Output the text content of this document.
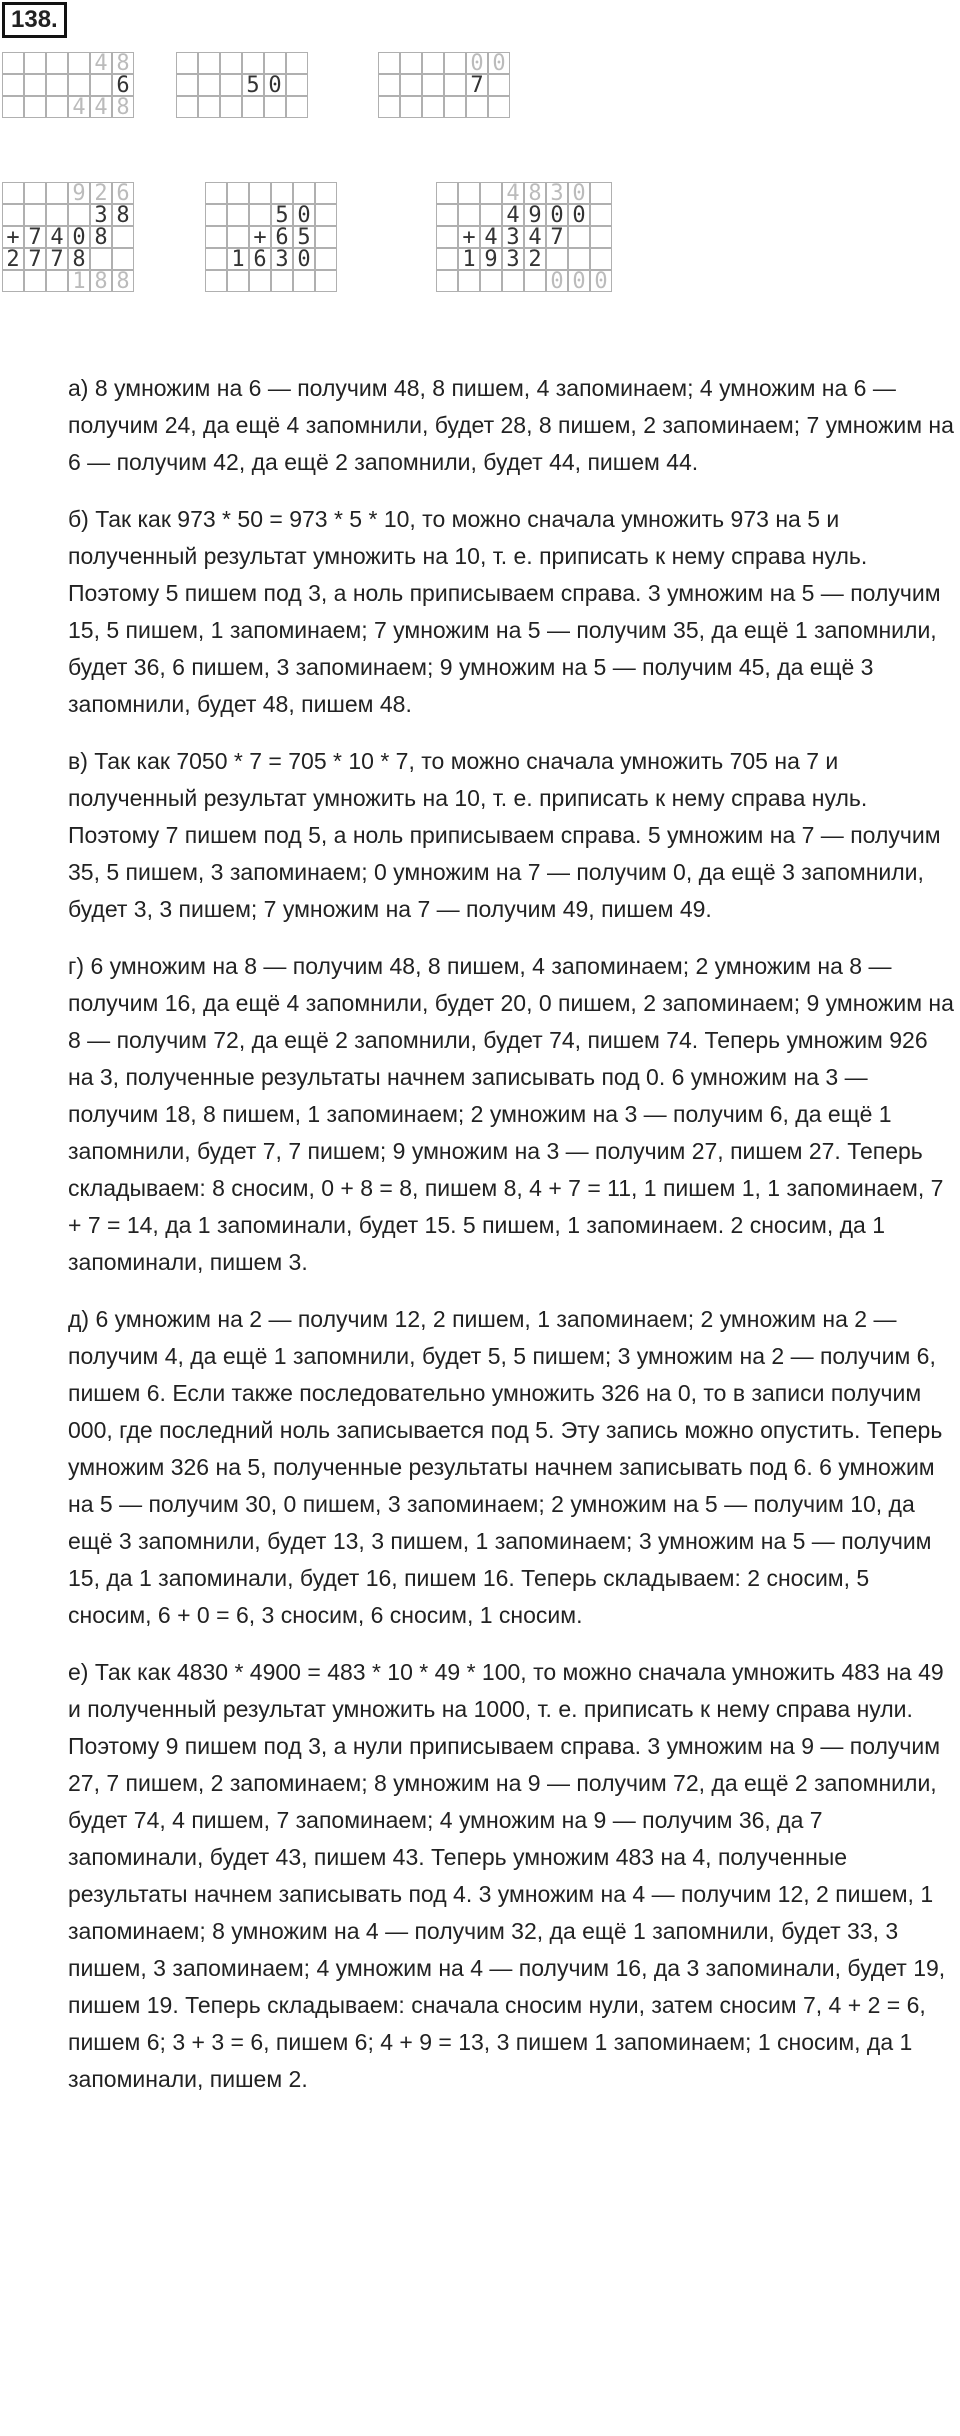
138.
4 8
6
4 4 8
5 0
0 0
7
9 2 6
3 8
+ 7 4 0 8
2 7 7 8
1 8 8
5 0
+ 6 5
1 6 3 0
4 8 3 0
4 9 0 0
+ 4 3 4 7
1 9 3 2
0 0 0

а) 8 умножим на 6 — получим 48, 8 пишем, 4 запоминаем; 4 умножим на 6 — получим 24, да ещё 4 запомнили, будет 28, 8 пишем, 2 запоминаем; 7 умножим на 6 — получим 42, да ещё 2 запомнили, будет 44, пишем 44.

б) Так как 973 * 50 = 973 * 5 * 10, то можно сначала умножить 973 на 5 и полученный результат умножить на 10, т. е. приписать к нему справа нуль. Поэтому 5 пишем под 3, а ноль приписываем справа. 3 умножим на 5 — получим 15, 5 пишем, 1 запоминаем; 7 умножим на 5 — получим 35, да ещё 1 запомнили, будет 36, 6 пишем, 3 запоминаем; 9 умножим на 5 — получим 45, да ещё 3 запомнили, будет 48, пишем 48.

в) Так как 7050 * 7 = 705 * 10 * 7, то можно сначала умножить 705 на 7 и полученный результат умножить на 10, т. е. приписать к нему справа нуль. Поэтому 7 пишем под 5, а ноль приписываем справа. 5 умножим на 7 — получим 35, 5 пишем, 3 запоминаем; 0 умножим на 7 — получим 0, да ещё 3 запомнили, будет 3, 3 пишем; 7 умножим на 7 — получим 49, пишем 49.

г) 6 умножим на 8 — получим 48, 8 пишем, 4 запоминаем; 2 умножим на 8 — получим 16, да ещё 4 запомнили, будет 20, 0 пишем, 2 запоминаем; 9 умножим на 8 — получим 72, да ещё 2 запомнили, будет 74, пишем 74. Теперь умножим 926 на 3, полученные результаты начнем записывать под 0. 6 умножим на 3 — получим 18, 8 пишем, 1 запоминаем; 2 умножим на 3 — получим 6, да ещё 1 запомнили, будет 7, 7 пишем; 9 умножим на 3 — получим 27, пишем 27. Теперь складываем: 8 сносим, 0 + 8 = 8, пишем 8, 4 + 7 = 11, 1 пишем 1, 1 запоминаем, 7 + 7 = 14, да 1 запоминали, будет 15. 5 пишем, 1 запоминаем. 2 сносим, да 1 запоминали, пишем 3.

д) 6 умножим на 2 — получим 12, 2 пишем, 1 запоминаем; 2 умножим на 2 — получим 4, да ещё 1 запомнили, будет 5, 5 пишем; 3 умножим на 2 — получим 6, пишем 6. Если также последовательно умножить 326 на 0, то в записи получим 000, где последний ноль записывается под 5. Эту запись можно опустить. Теперь умножим 326 на 5, полученные результаты начнем записывать под 6. 6 умножим на 5 — получим 30, 0 пишем, 3 запоминаем; 2 умножим на 5 — получим 10, да ещё 3 запомнили, будет 13, 3 пишем, 1 запоминаем; 3 умножим на 5 — получим 15, да 1 запоминали, будет 16, пишем 16. Теперь складываем: 2 сносим, 5 сносим, 6 + 0 = 6, 3 сносим, 6 сносим, 1 сносим.

е) Так как 4830 * 4900 = 483 * 10 * 49 * 100, то можно сначала умножить 483 на 49 и полученный результат умножить на 1000, т. е. приписать к нему справа нули. Поэтому 9 пишем под 3, а нули приписываем справа. 3 умножим на 9 — получим 27, 7 пишем, 2 запоминаем; 8 умножим на 9 — получим 72, да ещё 2 запомнили, будет 74, 4 пишем, 7 запоминаем; 4 умножим на 9 — получим 36, да 7 запоминали, будет 43, пишем 43. Теперь умножим 483 на 4, полученные результаты начнем записывать под 4. 3 умножим на 4 — получим 12, 2 пишем, 1 запоминаем; 8 умножим на 4 — получим 32, да ещё 1 запомнили, будет 33, 3 пишем, 3 запоминаем; 4 умножим на 4 — получим 16, да 3 запоминали, будет 19, пишем 19. Теперь складываем: сначала сносим нули, затем сносим 7, 4 + 2 = 6, пишем 6; 3 + 3 = 6, пишем 6; 4 + 9 = 13, 3 пишем 1 запоминаем; 1 сносим, да 1 запоминали, пишем 2.
